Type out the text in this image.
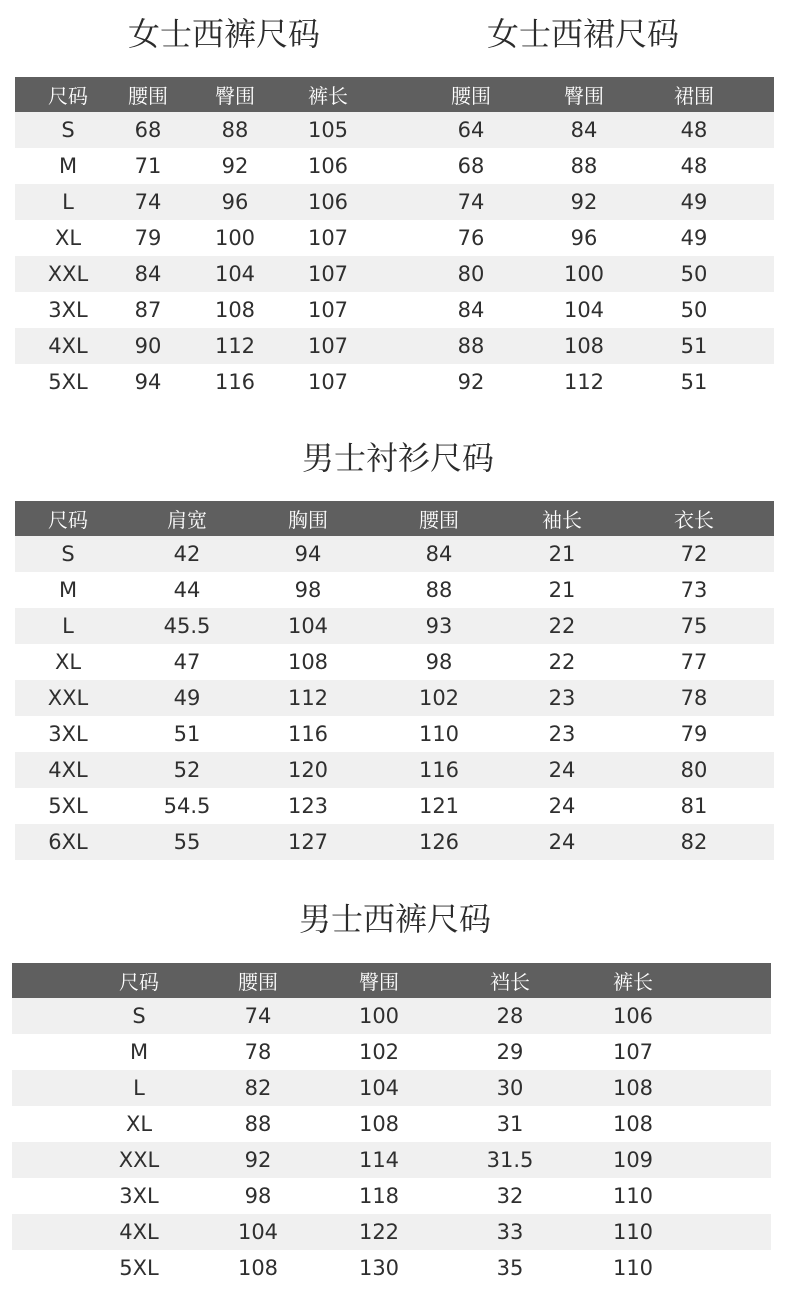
女士西裤尺码	女士西裙尺码
尺码	腰围	臀围	裤长	腰围	臀围	裙围
S	68	88	105	64	84	48
M	71	92	106	68	88	48
L	74	96	106	74	92	49
XL	79	100	107	76	96	49
XXL	84	104	107	80	100	50
3XL	87	108	107	84	104	50
4XL	90	112	107	88	108	51
5XL	94	116	107	92	112	51
男士衬衫尺码
尺码	肩宽	胸围	腰围	袖长	衣长
S	42	94	84	21	72
M	44	98	88	21	73
L	45.5	104	93	22	75
XL	47	108	98	22	77
XXL	49	112	102	23	78
3XL	51	116	110	23	79
4XL	52	120	116	24	80
5XL	54.5	123	121	24	81
6XL	55	127	126	24	82
男士西裤尺码
尺码	腰围	臀围	裆长	裤长
S	74	100	28	106
M	78	102	29	107
L	82	104	30	108
XL	88	108	31	108
XXL	92	114	31.5	109
3XL	98	118	32	110
4XL	104	122	33	110
5XL	108	130	35	110
